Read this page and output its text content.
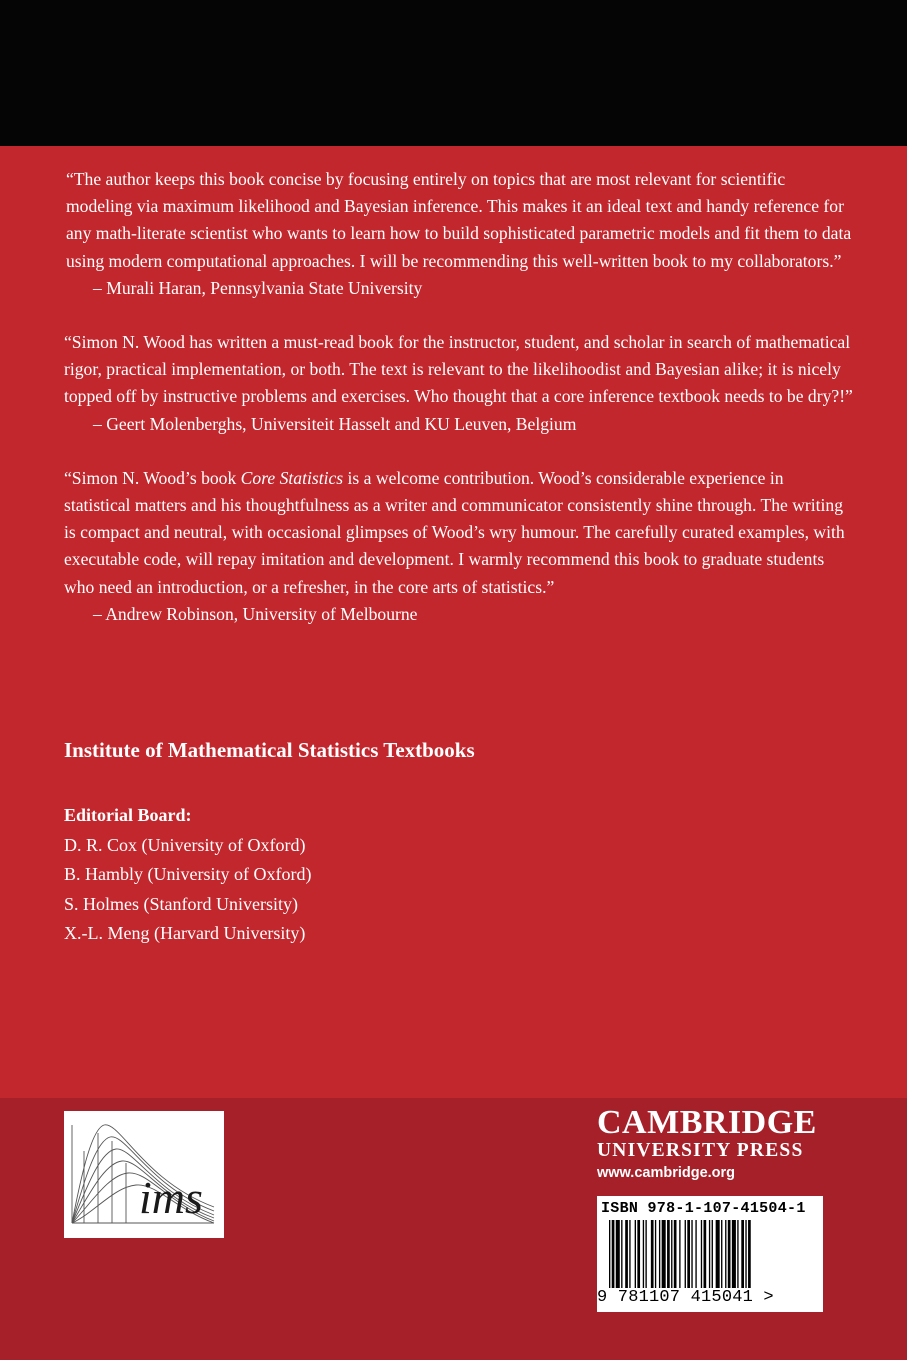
“The author keeps this book concise by focusing entirely on topics that are most relevant for scientific modeling via maximum likelihood and Bayesian inference. This makes it an ideal text and handy reference for any math-literate scientist who wants to learn how to build sophisticated parametric models and fit them to data using modern computational approaches. I will be recommending this well-written book to my collaborators.”

– Murali Haran, Pennsylvania State University

“Simon N. Wood has written a must-read book for the instructor, student, and scholar in search of mathematical rigor, practical implementation, or both. The text is relevant to the likelihoodist and Bayesian alike; it is nicely topped off by instructive problems and exercises. Who thought that a core inference textbook needs to be dry?!”

– Geert Molenberghs, Universiteit Hasselt and KU Leuven, Belgium

“Simon N. Wood’s book Core Statistics is a welcome contribution. Wood’s considerable experience in statistical matters and his thoughtfulness as a writer and communicator consistently shine through. The writing is compact and neutral, with occasional glimpses of Wood’s wry humour. The carefully curated examples, with executable code, will repay imitation and development. I warmly recommend this book to graduate students who need an introduction, or a refresher, in the core arts of statistics.”

– Andrew Robinson, University of Melbourne

Institute of Mathematical Statistics Textbooks
Editorial Board:
D. R. Cox (University of Oxford)
B. Hambly (University of Oxford)
S. Holmes (Stanford University)
X.-L. Meng (Harvard University)
ims
CAMBRIDGE
UNIVERSITY PRESS
www.cambridge.org
ISBN 978-1-107-41504-1
9 781107 415041 >
